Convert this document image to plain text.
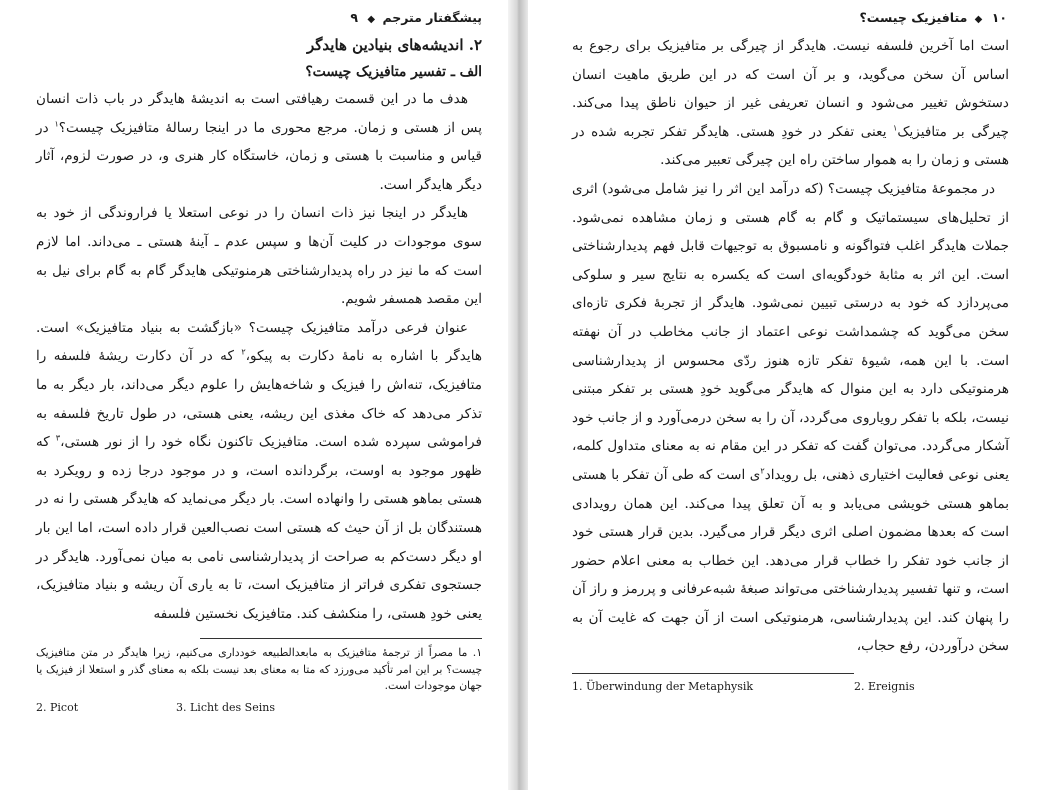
پیشگفتار مترجم ◆ ۹
۲. اندیشه‌های بنیادین هایدگر
الف ـ تفسیر متافیزیک چیست؟

هدف ما در این قسمت رهیافتی است به اندیشهٔ هایدگر در باب ذات انسان پس از هستی و زمان. مرجع محوری ما در اینجا رسالهٔ متافیزیک چیست؟$^۱$ در قیاس و مناسبت با هستی و زمان، خاستگاه کار هنری و، در صورت لزوم، آثار دیگر هایدگر است.

هایدگر در اینجا نیز ذات انسان را در نوعی استعلا یا فراروندگی از خود به سوی موجودات در کلیت آن‌ها و سپس عدم ـ آینهٔ هستی ـ می‌داند. اما لازم است که ما نیز در راه پدیدارشناختی هرمنوتیکی هایدگر گام به گام برای نیل به این مقصد همسفر شویم.

عنوان فرعی درآمد متافیزیک چیست؟ «بازگشت به بنیاد متافیزیک» است. هایدگر با اشاره به نامهٔ دکارت به پیکو،$^۲$ که در آن دکارت ریشهٔ فلسفه را متافیزیک، تنه‌اش را فیزیک و شاخه‌هایش را علوم دیگر می‌داند، بار دیگر به ما تذکر می‌دهد که خاک مغذی این ریشه، یعنی هستی، در طول تاریخ فلسفه به فراموشی سپرده شده است. متافیزیک تاکنون نگاه خود را از نور هستی،$^۳$ که ظهور موجود به اوست، برگردانده است، و در موجود درجا زده و رویکرد به هستی بماهو هستی را وانهاده است. بار دیگر می‌نماید که هایدگر هستی را نه در هستندگان بل از آن حیث که هستی است نصب‌العین قرار داده است، اما این بار او دیگر دست‌کم به صراحت از پدیدارشناسی نامی به میان نمی‌آورد. هایدگر در جستجوی تفکری فراتر از متافیزیک است، تا به یاری آن ریشه و بنیاد متافیزیک، یعنی خودِ هستی، را منکشف کند. متافیزیک نخستین فلسفه

۱. ما مصراً از ترجمهٔ متافیزیک به مابعدالطبیعه خودداری می‌کنیم، زیرا هایدگر در متن متافیزیک چیست؟ بر این امر تأکید می‌ورزد که متا به معنای بعد نیست بلکه به معنای گذر و استعلا از فیزیک یا جهان موجودات است.
2. Picot	3. Licht des Seins
۱۰ ◆ متافیزیک چیست؟

است اما آخرین فلسفه نیست. هایدگر از چیرگی بر متافیزیک برای رجوع به اساس آن سخن می‌گوید، و بر آن است که در این طریق ماهیت انسان دستخوش تغییر می‌شود و انسان تعریفی غیر از حیوان ناطق پیدا می‌کند. چیرگی بر متافیزیک$^۱$ یعنی تفکر در خودِ هستی. هایدگر تفکر تجربه شده در هستی و زمان را به هموار ساختن راه این چیرگی تعبیر می‌کند.

در مجموعهٔ متافیزیک چیست؟ (که درآمد این اثر را نیز شامل می‌شود) اثری از تحلیل‌های سیستماتیک و گام به گام هستی و زمان مشاهده نمی‌شود. جملات هایدگر اغلب فتواگونه و نامسبوق به توجیهات قابل فهم پدیدارشناختی است. این اثر به مثابهٔ خودگویه‌ای است که یکسره به نتایج سیر و سلوکی می‌پردازد که خود به درستی تبیین نمی‌شود. هایدگر از تجربهٔ فکری تازه‌ای سخن می‌گوید که چشمداشت نوعی اعتماد از جانب مخاطب در آن نهفته است. با این همه، شیوهٔ تفکر تازه هنوز ردّی محسوس از پدیدارشناسی هرمنوتیکی دارد به این منوال که هایدگر می‌گوید خودِ هستی بر تفکر مبتنی نیست، بلکه با تفکر رویاروی می‌گردد، آن را به سخن درمی‌آورد و از جانب خود آشکار می‌گردد. می‌توان گفت که تفکر در این مقام نه به معنای متداول کلمه، یعنی نوعی فعالیت اختیاری ذهنی، بل رویداد$^۲$ی است که طی آن تفکر با هستی بماهو هستی خویشی می‌یابد و به آن تعلق پیدا می‌کند. این همان رویدادی است که بعدها مضمون اصلی اثری دیگر قرار می‌گیرد. بدین قرار هستی خود از جانب خود تفکر را خطاب قرار می‌دهد. این خطاب به معنی اعلام حضور است، و تنها تفسیر پدیدارشناختی می‌تواند صبغهٔ شبه‌عرفانی و پررمز و راز آن را پنهان کند. این پدیدارشناسی، هرمنوتیکی است از آن جهت که غایت آن به سخن درآوردن، رفع حجاب،

1. Überwindung der Metaphysik	2. Ereignis
